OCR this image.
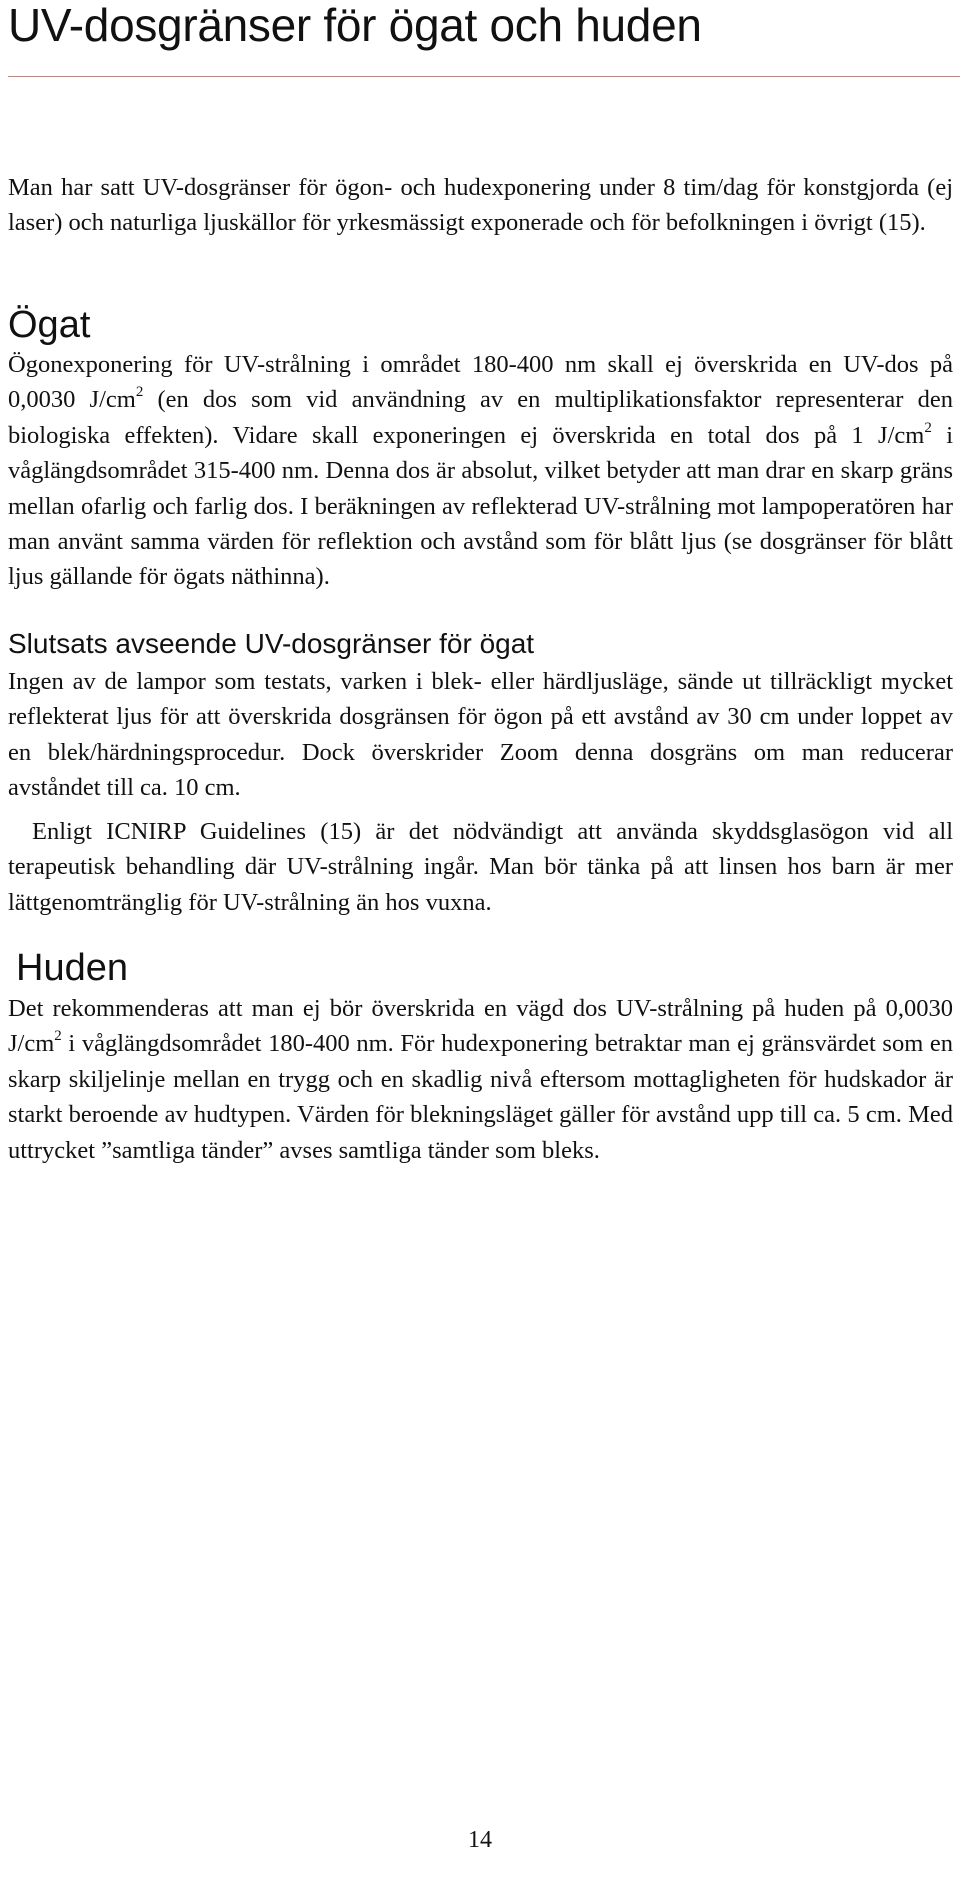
UV-dosgränser för ögat och huden

Man har satt UV-dosgränser för ögon- och hudexponering under 8 tim/dag för konstgjorda (ej laser) och naturliga ljuskällor för yrkesmässigt exponerade och för befolkningen i övrigt (15).

Ögat

Ögonexponering för UV-strålning i området 180-400 nm skall ej överskrida en UV-dos på 0,0030 $J/cm^2$ (en dos som vid användning av en multiplikationsfaktor representerar den biologiska effekten). Vidare skall exponeringen ej överskrida en total dos på 1 $J/cm^2$ i våglängdsområdet 315-400 nm. Denna dos är absolut, vilket betyder att man drar en skarp gräns mellan ofarlig och farlig dos. I beräkningen av reflekterad UV-strålning mot lampoperatören har man använt samma värden för reflektion och avstånd som för blått ljus (se dosgränser för blått ljus gällande för ögats näthinna).

Slutsats avseende UV-dosgränser för ögat

Ingen av de lampor som testats, varken i blek- eller härdljusläge, sände ut tillräckligt mycket reflekterat ljus för att överskrida dosgränsen för ögon på ett avstånd av 30 cm under loppet av en blek/härdningsprocedur. Dock överskrider Zoom denna dosgräns om man reducerar avståndet till ca. 10 cm.

Enligt ICNIRP Guidelines (15) är det nödvändigt att använda skyddsglasögon vid all terapeutisk behandling där UV-strålning ingår. Man bör tänka på att linsen hos barn är mer lättgenomtränglig för UV-strålning än hos vuxna.

Huden

Det rekommenderas att man ej bör överskrida en vägd dos UV-strålning på huden på 0,0030 $J/cm^2$ i våglängdsområdet 180-400 nm. För hudexponering betraktar man ej gränsvärdet som en skarp skiljelinje mellan en trygg och en skadlig nivå eftersom mottagligheten för hudskador är starkt beroende av hudtypen. Värden för blekningsläget gäller för avstånd upp till ca. 5 cm. Med uttrycket ”samtliga tänder” avses samtliga tänder som bleks.

14
